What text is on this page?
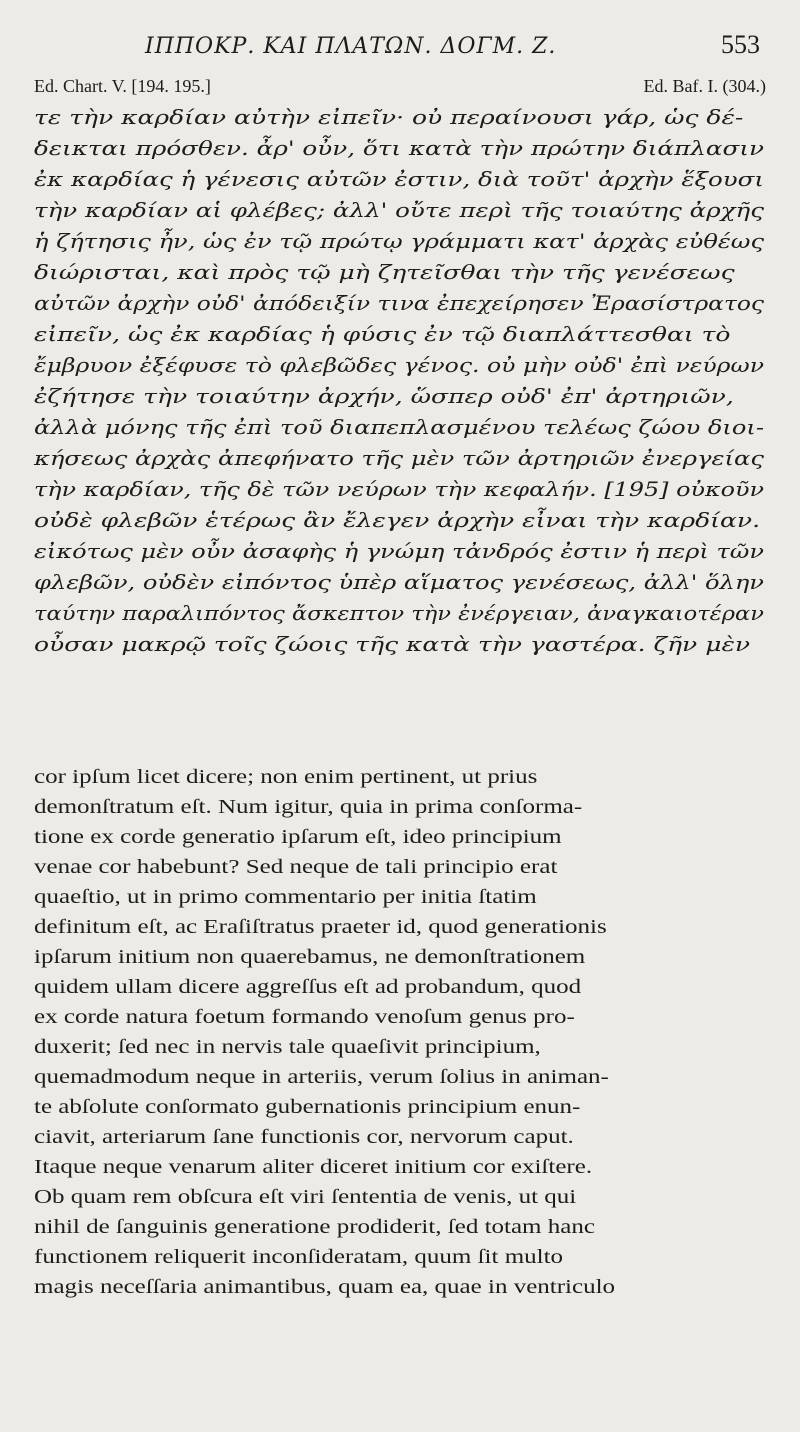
ΙΠΠΟΚΡ. ΚΑΙ ΠΛΑΤΩΝ. ΔΟΓΜ. Ζ.	553
Ed. Chart. V. [194. 195.]	Ed. Baf. I. (304.)
τε τὴν καρδίαν αὐτὴν εἰπεῖν· οὐ περαίνουσι γάρ, ὡς δέ-
δεικται πρόσθεν. ἆρ' οὖν, ὅτι κατὰ τὴν πρώτην διάπλασιν
ἐκ καρδίας ἡ γένεσις αὐτῶν ἐστιν, διὰ τοῦτ' ἀρχὴν ἕξουσι
τὴν καρδίαν αἱ φλέβες; ἀλλ' οὔτε περὶ τῆς τοιαύτης ἀρχῆς
ἡ ζήτησις ἦν, ὡς ἐν τῷ πρώτῳ γράμματι κατ' ἀρχὰς εὐθέως
διώρισται, καὶ πρὸς τῷ μὴ ζητεῖσθαι τὴν τῆς γενέσεως
αὐτῶν ἀρχὴν οὐδ' ἀπόδειξίν τινα ἐπεχείρησεν Ἐρασίστρατος
εἰπεῖν, ὡς ἐκ καρδίας ἡ φύσις ἐν τῷ διαπλάττεσθαι τὸ
ἔμβρυον ἐξέφυσε τὸ φλεβῶδες γένος. οὐ μὴν οὐδ' ἐπὶ νεύρων
ἐζήτησε τὴν τοιαύτην ἀρχήν, ὥσπερ οὐδ' ἐπ' ἀρτηριῶν,
ἀλλὰ μόνης τῆς ἐπὶ τοῦ διαπεπλασμένου τελέως ζώου διοι-
κήσεως ἀρχὰς ἀπεφήνατο τῆς μὲν τῶν ἀρτηριῶν ἐνεργείας
τὴν καρδίαν, τῆς δὲ τῶν νεύρων τὴν κεφαλήν. [195] οὐκοῦν
οὐδὲ φλεβῶν ἑτέρως ἂν ἔλεγεν ἀρχὴν εἶναι τὴν καρδίαν.
εἰκότως μὲν οὖν ἀσαφὴς ἡ γνώμη τἀνδρός ἐστιν ἡ περὶ τῶν
φλεβῶν, οὐδὲν εἰπόντος ὑπὲρ αἵματος γενέσεως, ἀλλ' ὅλην
ταύτην παραλιπόντος ἄσκεπτον τὴν ἐνέργειαν, ἀναγκαιοτέραν
οὖσαν μακρῷ τοῖς ζώοις τῆς κατὰ τὴν γαστέρα. ζῆν μὲν
cor ipſum licet dicere; non enim pertinent, ut prius
demonſtratum eſt. Num igitur, quia in prima conſorma-
tione ex corde generatio ipſarum eſt, ideo principium
venae cor habebunt? Sed neque de tali principio erat
quaeſtio, ut in primo commentario per initia ſtatim
definitum eſt, ac Eraſiſtratus praeter id, quod generationis
ipſarum initium non quaerebamus, ne demonſtrationem
quidem ullam dicere aggreſſus eſt ad probandum, quod
ex corde natura foetum formando venoſum genus pro-
duxerit; ſed nec in nervis tale quaeſivit principium,
quemadmodum neque in arteriis, verum ſolius in animan-
te abſolute conſormato gubernationis principium enun-
ciavit, arteriarum ſane functionis cor, nervorum caput.
Itaque neque venarum aliter diceret initium cor exiſtere.
Ob quam rem obſcura eſt viri ſententia de venis, ut qui
nihil de ſanguinis generatione prodiderit, ſed totam hanc
functionem reliquerit inconſideratam, quum ſit multo
magis neceſſaria animantibus, quam ea, quae in ventriculo
